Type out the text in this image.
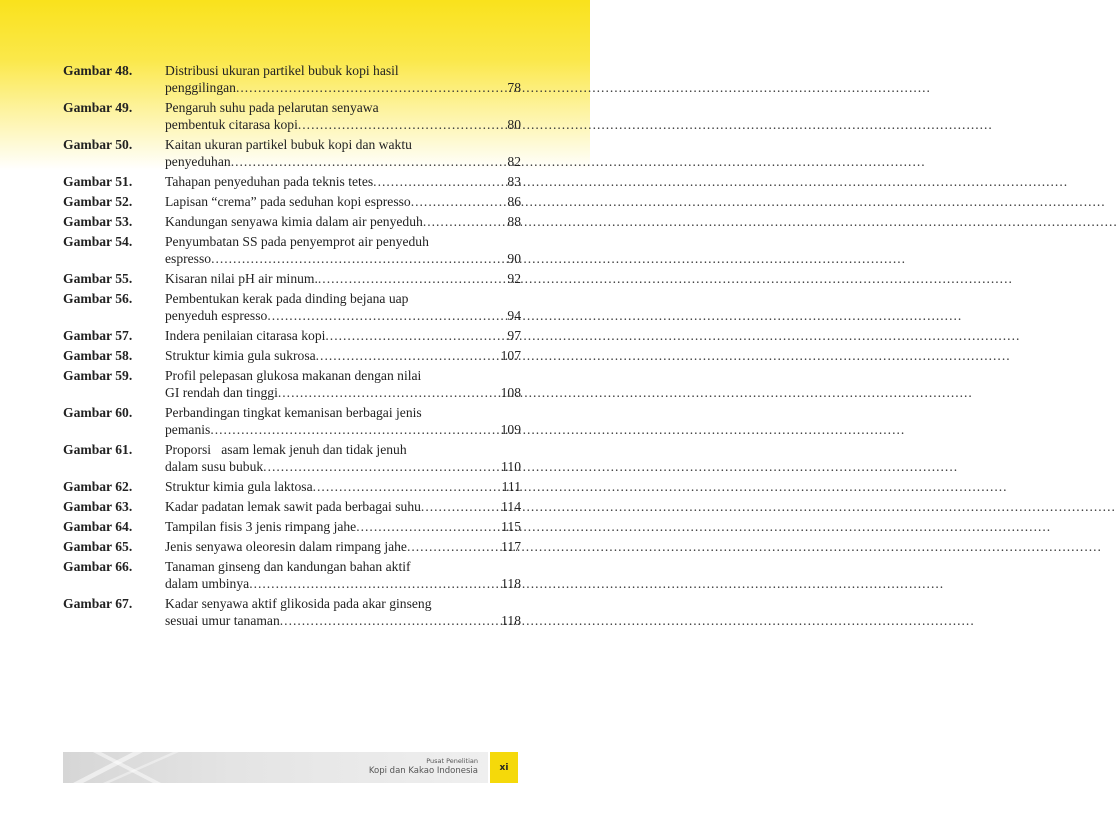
Gambar 48.	Distribusi ukuran partikel bubuk kopi hasil
penggilingan .....	78
Gambar 49.	Pengaruh suhu pada pelarutan senyawa
pembentuk citarasa kopi .....	80
Gambar 50.	Kaitan ukuran partikel bubuk kopi dan waktu
penyeduhan .....	82
Gambar 51.	Tahapan penyeduhan pada teknis tetes .....	83
Gambar 52.	Lapisan “crema” pada seduhan kopi espresso .....	86
Gambar 53.	Kandungan senyawa kimia dalam air penyeduh .....	88
Gambar 54.	Penyumbatan SS pada penyemprot air penyeduh
espresso .....	90
Gambar 55.	Kisaran nilai pH air minum. .....	92
Gambar 56.	Pembentukan kerak pada dinding bejana uap
penyeduh espresso .....	94
Gambar 57.	Indera penilaian citarasa kopi .....	97
Gambar 58.	Struktur kimia gula sukrosa .....	107
Gambar 59.	Profil pelepasan glukosa makanan dengan nilai
GI rendah dan tinggi .....	108
Gambar 60.	Perbandingan tingkat kemanisan berbagai jenis
pemanis .....	109
Gambar 61.	Proporsi   asam lemak jenuh dan tidak jenuh
dalam susu bubuk .....	110
Gambar 62.	Struktur kimia gula laktosa .....	111
Gambar 63.	Kadar padatan lemak sawit pada berbagai suhu .....	114
Gambar 64.	Tampilan fisis 3 jenis rimpang jahe .....	115
Gambar 65.	Jenis senyawa oleoresin dalam rimpang jahe .....	117
Gambar 66.	Tanaman ginseng dan kandungan bahan aktif
dalam umbinya .....	118
Gambar 67.	Kadar senyawa aktif glikosida pada akar ginseng
sesuai umur tanaman .....	118
Pusat Penelitian
Kopi dan Kakao Indonesia	xi
